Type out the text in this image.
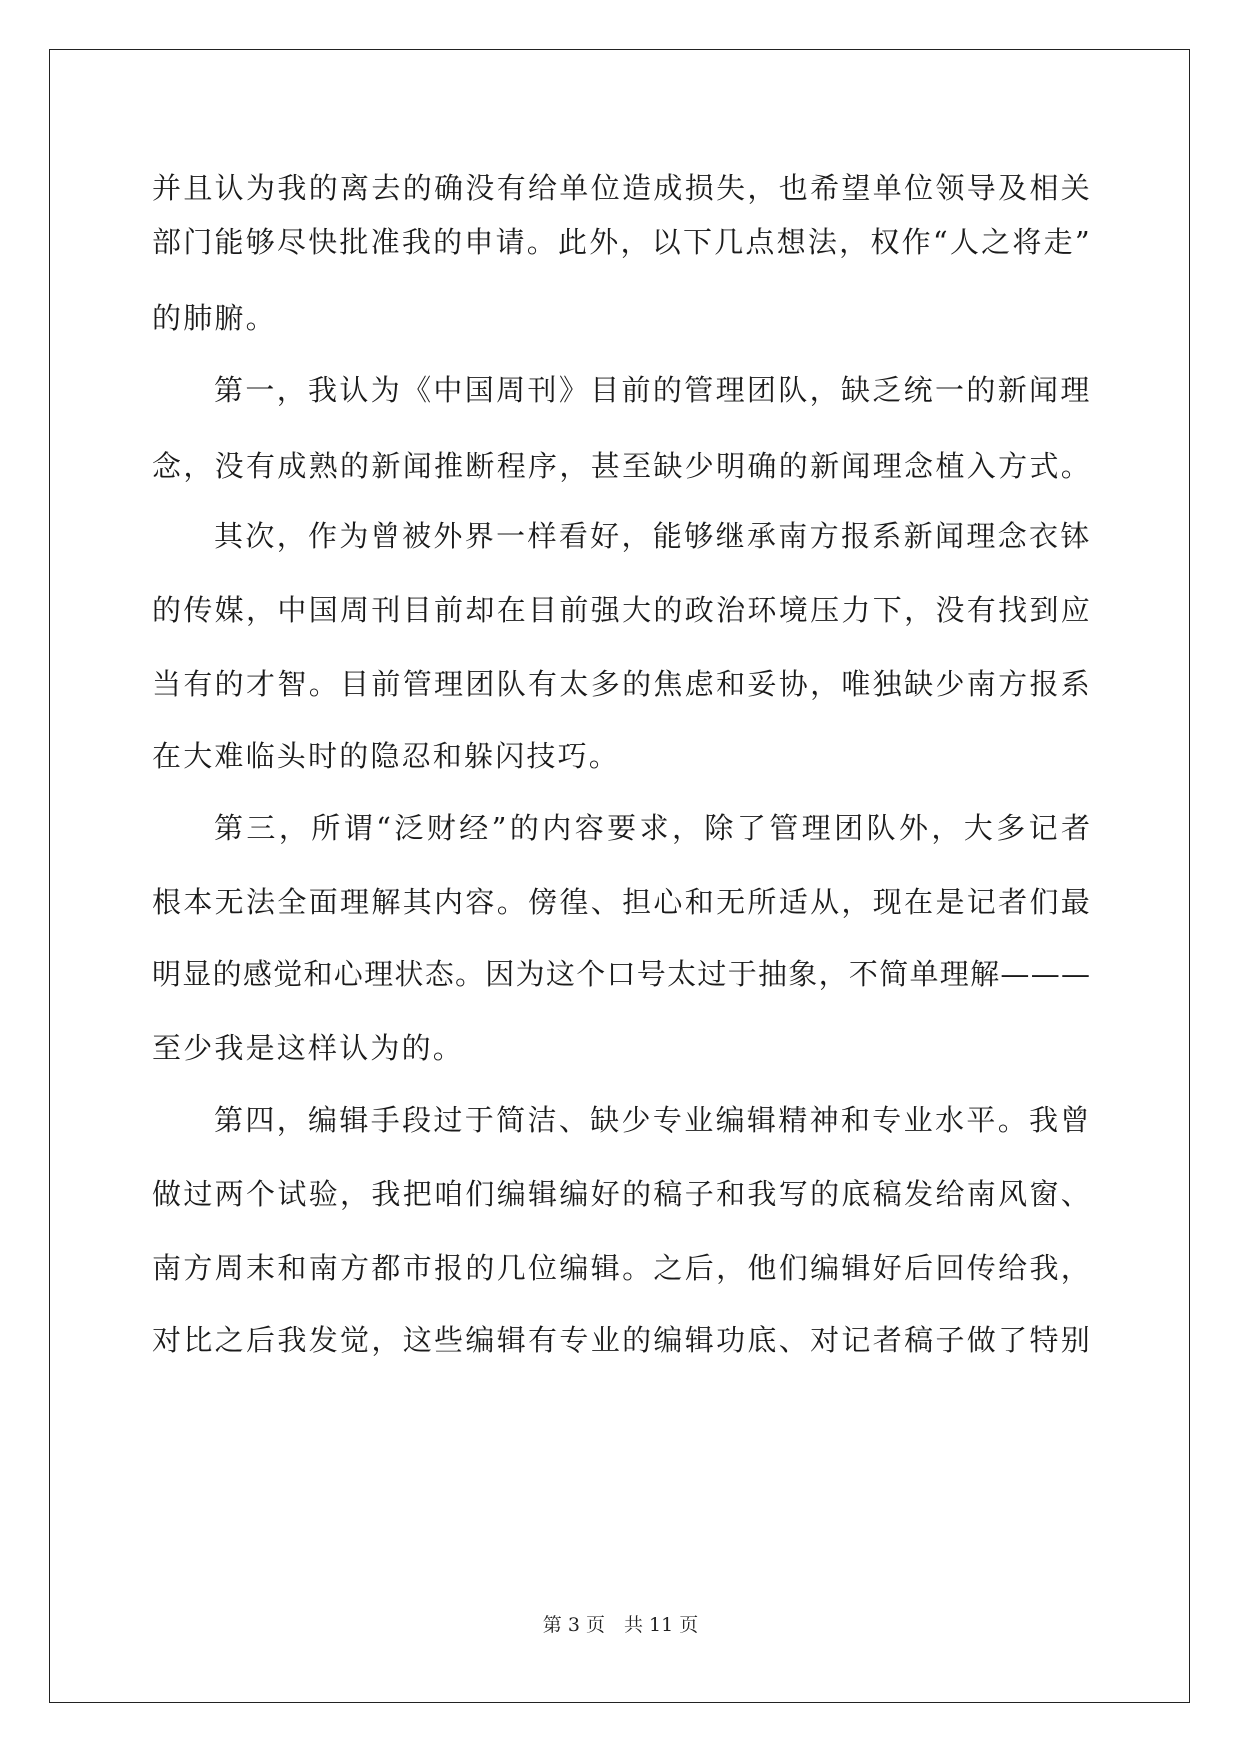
并且认为我的离去的确没有给单位造成损失，也希望单位领导及相关
部门能够尽快批准我的申请。此外，以下几点想法，权作“人之将走”
的肺腑。
第一，我认为《中国周刊》目前的管理团队，缺乏统一的新闻理
念，没有成熟的新闻推断程序，甚至缺少明确的新闻理念植入方式。
其次，作为曾被外界一样看好，能够继承南方报系新闻理念衣钵
的传媒，中国周刊目前却在目前强大的政治环境压力下，没有找到应
当有的才智。目前管理团队有太多的焦虑和妥协，唯独缺少南方报系
在大难临头时的隐忍和躲闪技巧。
第三，所谓“泛财经”的内容要求，除了管理团队外，大多记者
根本无法全面理解其内容。傍徨、担心和无所适从，现在是记者们最
明显的感觉和心理状态。因为这个口号太过于抽象，不简单理解———
至少我是这样认为的。
第四，编辑手段过于简洁、缺少专业编辑精神和专业水平。我曾
做过两个试验，我把咱们编辑编好的稿子和我写的底稿发给南风窗、
南方周末和南方都市报的几位编辑。之后，他们编辑好后回传给我，
对比之后我发觉，这些编辑有专业的编辑功底、对记者稿子做了特别
第 3 页　共 11 页
